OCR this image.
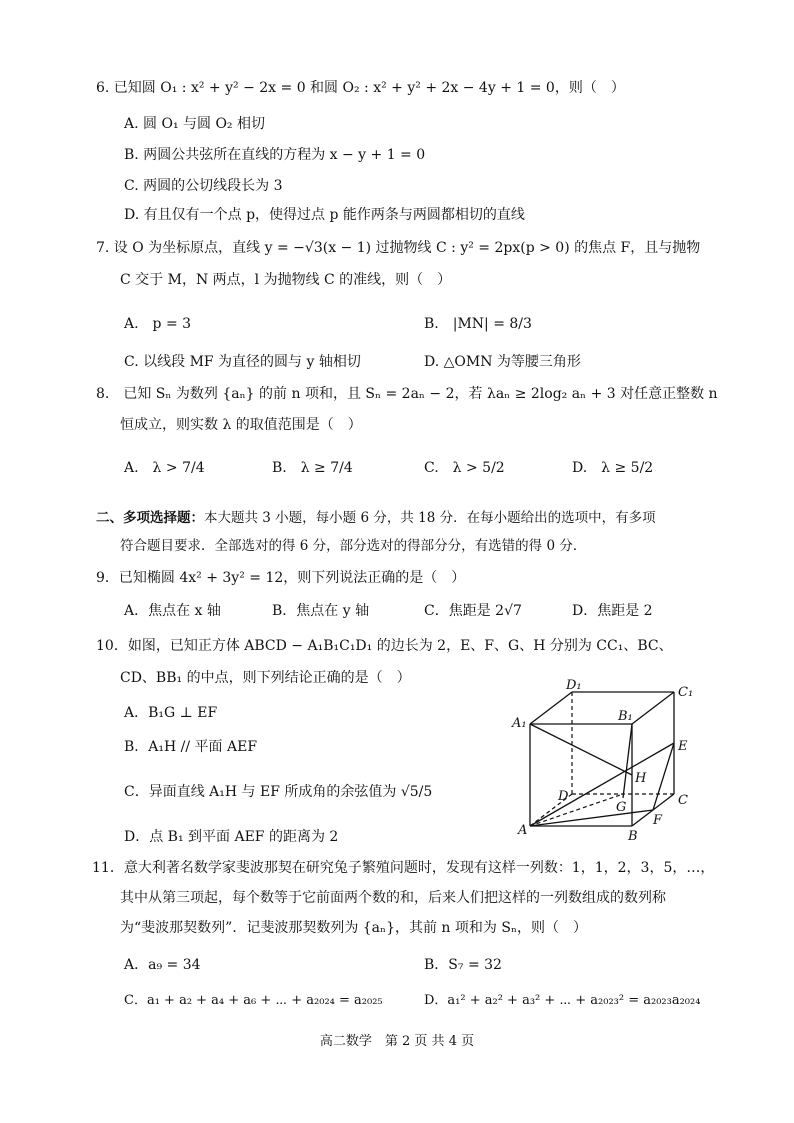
6. 已知圆 O₁ : x² + y² − 2x = 0 和圆 O₂ : x² + y² + 2x − 4y + 1 = 0，则（　）
A. 圆 O₁ 与圆 O₂ 相切
B. 两圆公共弦所在直线的方程为 x − y + 1 = 0
C. 两圆的公切线段长为 3
D. 有且仅有一个点 p，使得过点 p 能作两条与两圆都相切的直线
7. 设 O 为坐标原点，直线 y = −√3(x − 1) 过抛物线 C : y² = 2px(p > 0) 的焦点 F，且与抛物
C 交于 M，N 两点，l 为抛物线 C 的准线，则（　）
A.　p = 3	B.　|MN| = 8/3
C. 以线段 MF 为直径的圆与 y 轴相切	D. △OMN 为等腰三角形
8.　已知 Sₙ 为数列 {aₙ} 的前 n 项和，且 Sₙ = 2aₙ − 2，若 λaₙ ≥ 2log₂ aₙ + 3 对任意正整数 n
恒成立，则实数 λ 的取值范围是（　）
A.　λ > 7/4	B.　λ ≥ 7/4	C.　λ > 5/2	D.　λ ≥ 5/2
二、多项选择题：本大题共 3 小题，每小题 6 分，共 18 分．在每小题给出的选项中，有多项
符合题目要求．全部选对的得 6 分，部分选对的得部分分，有选错的得 0 分．
9．已知椭圆 4x² + 3y² = 12，则下列说法正确的是（　）
A．焦点在 x 轴	B．焦点在 y 轴	C．焦距是 2√7	D．焦距是 2
10．如图，已知正方体 ABCD − A₁B₁C₁D₁ 的边长为 2，E、F、G、H 分别为 CC₁、BC、
CD、BB₁ 的中点，则下列结论正确的是（　）
A．B₁G ⊥ EF
B．A₁H // 平面 AEF
C．异面直线 A₁H 与 EF 所成角的余弦值为 √5/5
D．点 B₁ 到平面 AEF 的距离为 2
D₁	C₁
A₁	B₁
E
H
D
G	C
A
F
B
11．意大利著名数学家斐波那契在研究兔子繁殖问题时，发现有这样一列数：1，1，2，3，5，…，
其中从第三项起，每个数等于它前面两个数的和，后来人们把这样的一列数组成的数列称
为“斐波那契数列”．记斐波那契数列为 {aₙ}，其前 n 项和为 Sₙ，则（　）
A．a₉ = 34	B．S₇ = 32
C．a₁ + a₂ + a₄ + a₆ + ⋯ + a₂₀₂₄ = a₂₀₂₅	D．a₁² + a₂² + a₃² + ⋯ + a₂₀₂₃² = a₂₀₂₃a₂₀₂₄
高二数学　第 2 页 共 4 页
